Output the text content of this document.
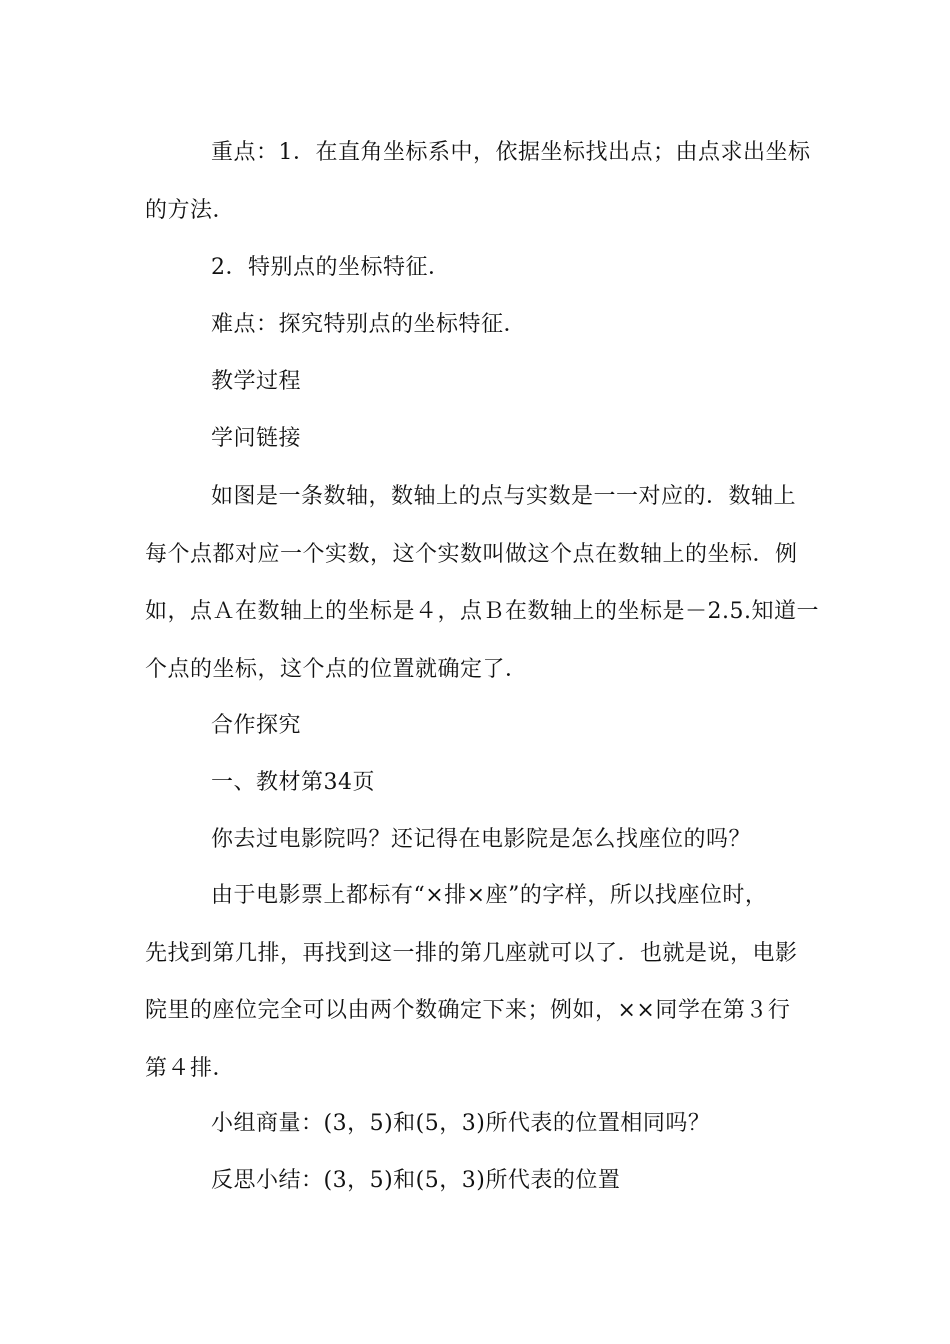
重点：1．在直角坐标系中，依据坐标找出点；由点求出坐标
的方法．

2．特别点的坐标特征．

难点：探究特别点的坐标特征．

教学过程

学问链接

如图是一条数轴，数轴上的点与实数是一一对应的．数轴上
每个点都对应一个实数，这个实数叫做这个点在数轴上的坐标．例
如，点Ａ在数轴上的坐标是４，点Ｂ在数轴上的坐标是－2.5.知道一
个点的坐标，这个点的位置就确定了．

合作探究

一、教材第34页

你去过电影院吗？还记得在电影院是怎么找座位的吗？

由于电影票上都标有“×排×座”的字样，所以找座位时，
先找到第几排，再找到这一排的第几座就可以了．也就是说，电影
院里的座位完全可以由两个数确定下来；例如，××同学在第３行
第４排．

小组商量：(3，5)和(5，3)所代表的位置相同吗？

反思小结：(3，5)和(5，3)所代表的位置
